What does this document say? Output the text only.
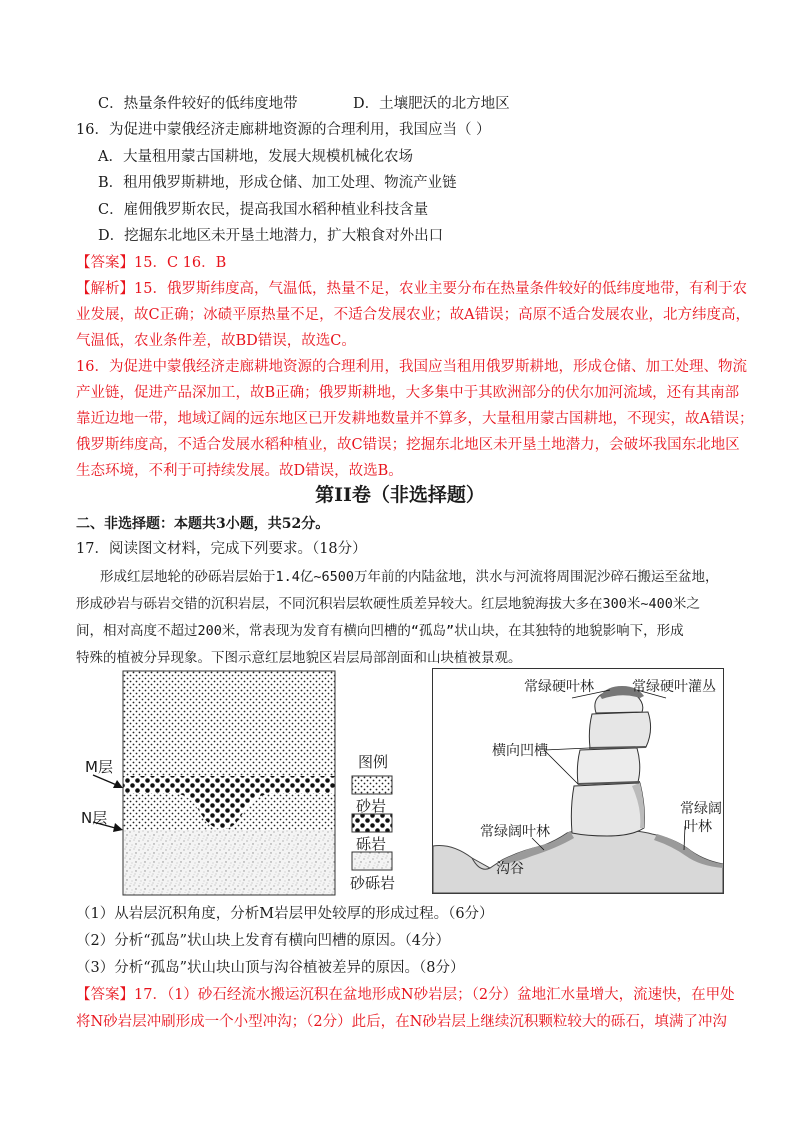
C．热量条件较好的低纬度地带	D．土壤肥沃的北方地区
16．为促进中蒙俄经济走廊耕地资源的合理利用，我国应当（ ）
A．大量租用蒙古国耕地，发展大规模机械化农场
B．租用俄罗斯耕地，形成仓储、加工处理、物流产业链
C．雇佣俄罗斯农民，提高我国水稻种植业科技含量
D．挖掘东北地区未开垦土地潜力，扩大粮食对外出口
【答案】15．C 16．B
【解析】15．俄罗斯纬度高，气温低，热量不足，农业主要分布在热量条件较好的低纬度地带，有利于农
业发展，故C正确；冰碛平原热量不足，不适合发展农业；故A错误；高原不适合发展农业，北方纬度高，
气温低，农业条件差，故BD错误，故选C。
16．为促进中蒙俄经济走廊耕地资源的合理利用，我国应当租用俄罗斯耕地，形成仓储、加工处理、物流
产业链，促进产品深加工，故B正确；俄罗斯耕地，大多集中于其欧洲部分的伏尔加河流域，还有其南部
靠近边地一带，地域辽阔的远东地区已开发耕地数量并不算多，大量租用蒙古国耕地，不现实，故A错误；
俄罗斯纬度高，不适合发展水稻种植业，故C错误；挖掘东北地区未开垦土地潜力，会破坏我国东北地区
生态环境，不利于可持续发展。故D错误，故选B。
第II卷（非选择题）
二、非选择题：本题共3小题，共52分。
17．阅读图文材料，完成下列要求。（18分）
形成红层地轮的砂砾岩层始于1.4亿~6500万年前的内陆盆地，洪水与河流将周围泥沙碎石搬运至盆地，
形成砂岩与砾岩交错的沉积岩层，不同沉积岩层软硬性质差异较大。红层地貌海拔大多在300米~400米之
间，相对高度不超过200米，常表现为发育有横向凹槽的“孤岛”状山块，在其独特的地貌影响下，形成
特殊的植被分异现象。下图示意红层地貌区岩层局部剖面和山块植被景观。
M层
N层
图例
砂岩
砾岩
砂砾岩
常绿硬叶林	常绿硬叶灌丛
横向凹槽
常绿阔
叶林
常绿阔叶林
沟谷
（1）从岩层沉积角度，分析M岩层甲处较厚的形成过程。（6分）
（2）分析“孤岛”状山块上发育有横向凹槽的原因。（4分）
（3）分析“孤岛”状山块山顶与沟谷植被差异的原因。（8分）
【答案】17．（1）砂石经流水搬运沉积在盆地形成N砂岩层；（2分）盆地汇水量增大，流速快，在甲处
将N砂岩层冲刷形成一个小型冲沟；（2分）此后，在N砂岩层上继续沉积颗粒较大的砾石，填满了冲沟
